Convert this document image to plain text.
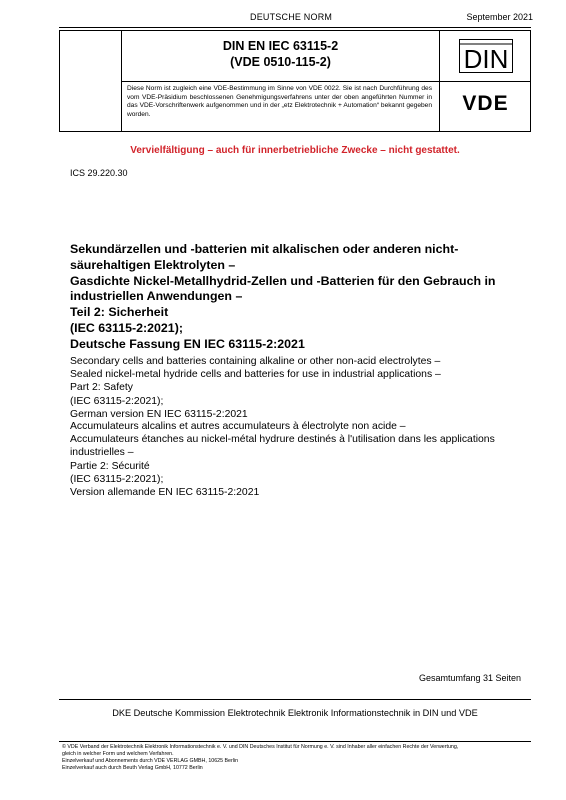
DEUTSCHE NORM	September 2021
DIN EN IEC 63115-2
(VDE 0510-115-2)
Diese Norm ist zugleich eine VDE-Bestimmung im Sinne von VDE 0022. Sie ist nach Durchführung des vom VDE-Präsidium beschlossenen Genehmigungsverfahrens unter der oben angeführten Nummer in das VDE-Vorschriftenwerk aufgenommen und in der „etz Elektrotechnik + Automation“ bekannt gegeben worden.
DIN
VDE
Vervielfältigung – auch für innerbetriebliche Zwecke – nicht gestattet.
ICS 29.220.30
Sekundärzellen und -batterien mit alkalischen oder anderen nicht-
säurehaltigen Elektrolyten –
Gasdichte Nickel-Metallhydrid-Zellen und -Batterien für den Gebrauch in
industriellen Anwendungen –
Teil 2: Sicherheit
(IEC 63115-2:2021);
Deutsche Fassung EN IEC 63115-2:2021
Secondary cells and batteries containing alkaline or other non-acid electrolytes –
Sealed nickel-metal hydride cells and batteries for use in industrial applications –
Part 2: Safety
(IEC 63115-2:2021);
German version EN IEC 63115-2:2021
Accumulateurs alcalins et autres accumulateurs à électrolyte non acide –
Accumulateurs étanches au nickel-métal hydrure destinés à l'utilisation dans les applications
industrielles –
Partie 2: Sécurité
(IEC 63115-2:2021);
Version allemande EN IEC 63115-2:2021
Gesamtumfang 31 Seiten
DKE Deutsche Kommission Elektrotechnik Elektronik Informationstechnik in DIN und VDE
© VDE Verband der Elektrotechnik Elektronik Informationstechnik e. V. und DIN Deutsches Institut für Normung e. V. sind Inhaber aller einfachen Rechte der Verwertung,
gleich in welcher Form und welchem Verfahren.
Einzelverkauf und Abonnements durch VDE VERLAG GMBH, 10625 Berlin
Einzelverkauf auch durch Beuth Verlag GmbH, 10772 Berlin
